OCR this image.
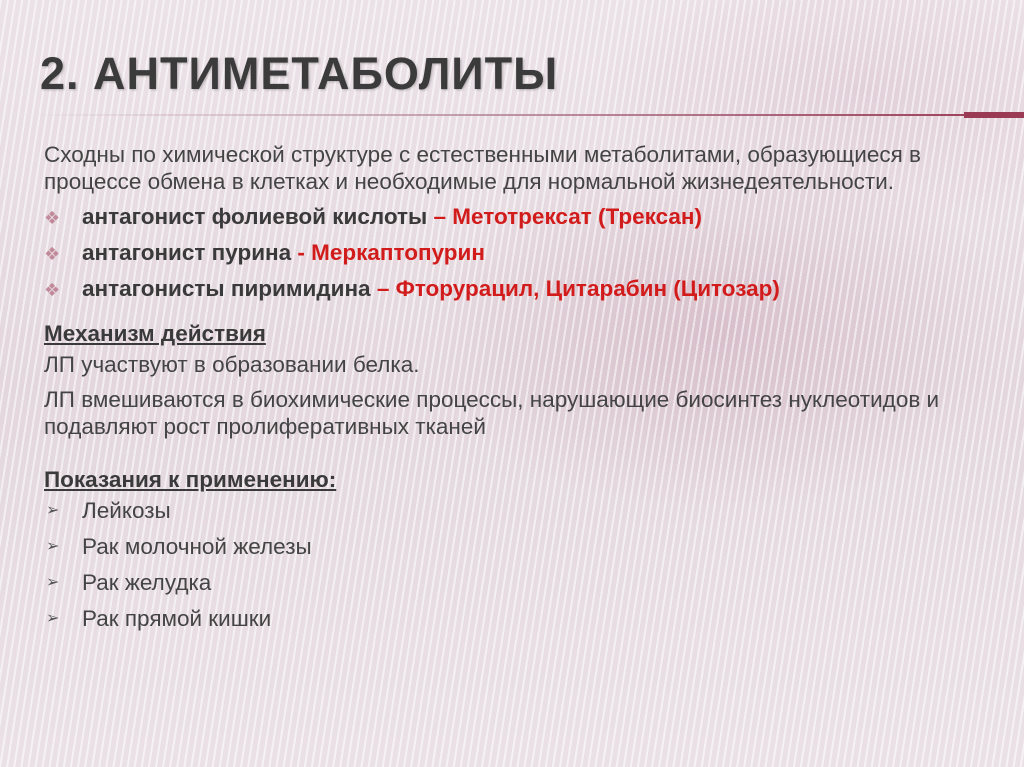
2. АНТИМЕТАБОЛИТЫ

Сходны по химической структуре с естественными метаболитами, образующиеся в процессе обмена в клетках и необходимые для нормальной жизнедеятельности.

❖ антагонист фолиевой кислоты – Метотрексат (Трексан)
❖ антагонист пурина - Меркаптопурин
❖ антагонисты пиримидина – Фторурацил, Цитарабин (Цитозар)
Механизм действия

ЛП участвуют в образовании белка.

ЛП вмешиваются в биохимические процессы, нарушающие биосинтез нуклеотидов и подавляют рост пролиферативных тканей

Показания к применению:
➢ Лейкозы
➢ Рак молочной железы
➢ Рак желудка
➢ Рак прямой кишки
